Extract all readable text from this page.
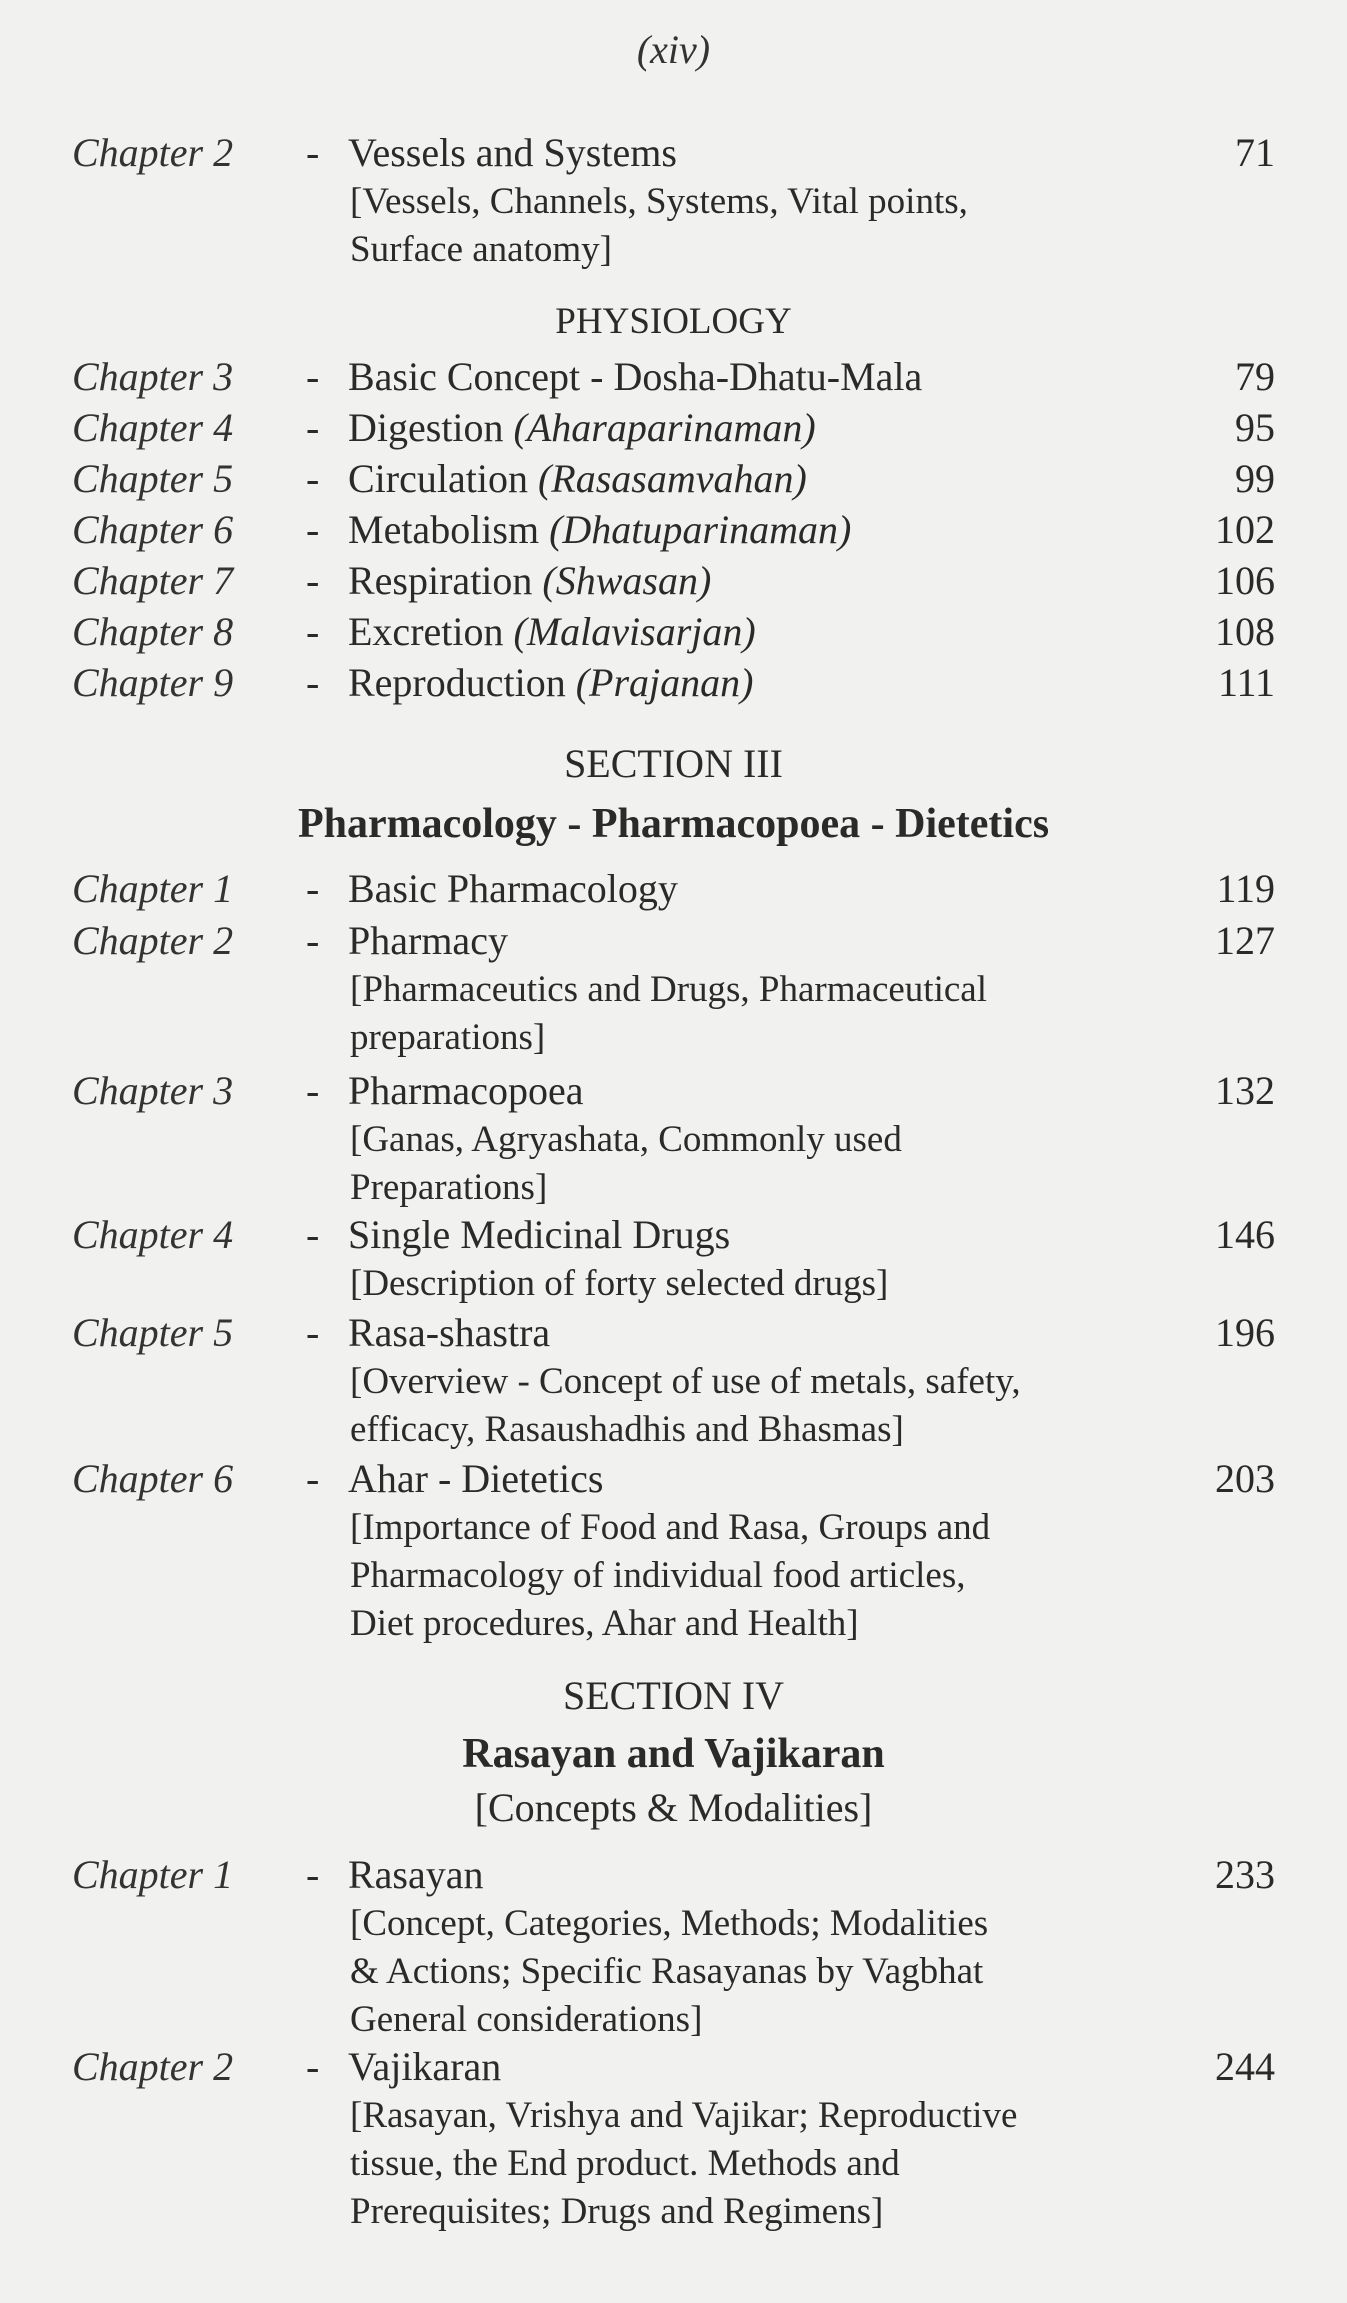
(xiv)
Chapter 2 - Vessels and Systems	71
[Vessels, Channels, Systems, Vital points,
Surface anatomy]
PHYSIOLOGY
Chapter 3 - Basic Concept - Dosha-Dhatu-Mala	79
Chapter 4 - Digestion (Aharaparinaman)	95
Chapter 5 - Circulation (Rasasamvahan)	99
Chapter 6 - Metabolism (Dhatuparinaman)	102
Chapter 7 - Respiration (Shwasan)	106
Chapter 8 - Excretion (Malavisarjan)	108
Chapter 9 - Reproduction (Prajanan)	111
SECTION III
Pharmacology - Pharmacopoea - Dietetics
Chapter 1 - Basic Pharmacology	119
Chapter 2 - Pharmacy	127
[Pharmaceutics and Drugs, Pharmaceutical
preparations]
Chapter 3 - Pharmacopoea	132
[Ganas, Agryashata, Commonly used
Preparations]
Chapter 4 - Single Medicinal Drugs	146
[Description of forty selected drugs]
Chapter 5 - Rasa-shastra	196
[Overview - Concept of use of metals, safety,
efficacy, Rasaushadhis and Bhasmas]
Chapter 6 - Ahar - Dietetics	203
[Importance of Food and Rasa, Groups and
Pharmacology of individual food articles,
Diet procedures, Ahar and Health]
SECTION IV
Rasayan and Vajikaran
[Concepts & Modalities]
Chapter 1 - Rasayan	233
[Concept, Categories, Methods; Modalities
& Actions; Specific Rasayanas by Vagbhat
General considerations]
Chapter 2 - Vajikaran	244
[Rasayan, Vrishya and Vajikar; Reproductive
tissue, the End product. Methods and
Prerequisites; Drugs and Regimens]
